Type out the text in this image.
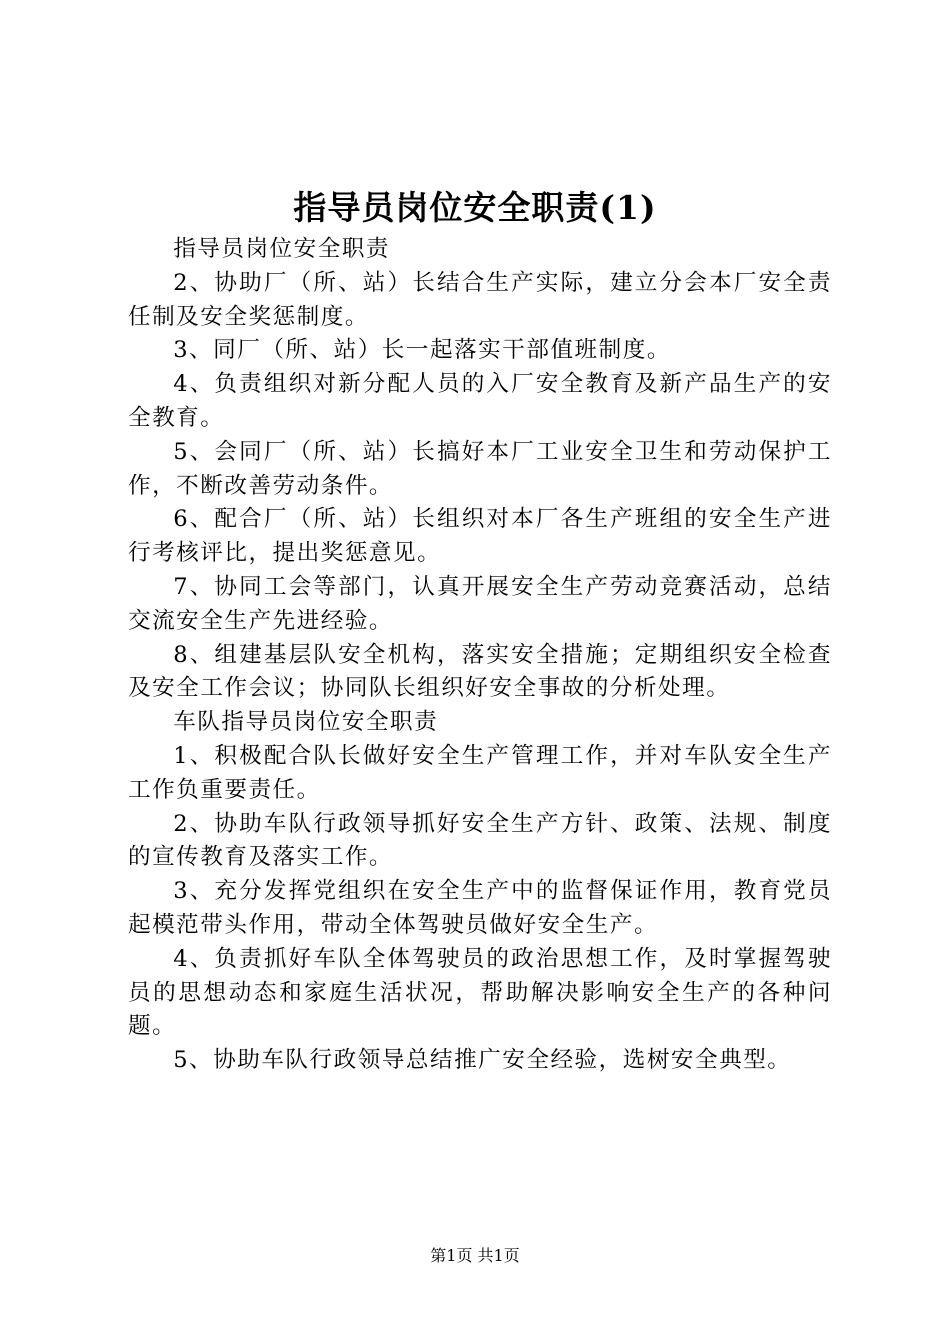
指导员岗位安全职责(1)

指导员岗位安全职责

2、协助厂（所、站）长结合生产实际，建立分会本厂安全责任制及安全奖惩制度。

3、同厂（所、站）长一起落实干部值班制度。

4、负责组织对新分配人员的入厂安全教育及新产品生产的安全教育。

5、会同厂（所、站）长搞好本厂工业安全卫生和劳动保护工作，不断改善劳动条件。

6、配合厂（所、站）长组织对本厂各生产班组的安全生产进行考核评比，提出奖惩意见。

7、协同工会等部门，认真开展安全生产劳动竞赛活动，总结交流安全生产先进经验。

8、组建基层队安全机构，落实安全措施；定期组织安全检查及安全工作会议；协同队长组织好安全事故的分析处理。

车队指导员岗位安全职责

1、积极配合队长做好安全生产管理工作，并对车队安全生产工作负重要责任。

2、协助车队行政领导抓好安全生产方针、政策、法规、制度的宣传教育及落实工作。

3、充分发挥党组织在安全生产中的监督保证作用，教育党员起模范带头作用，带动全体驾驶员做好安全生产。

4、负责抓好车队全体驾驶员的政治思想工作，及时掌握驾驶员的思想动态和家庭生活状况，帮助解决影响安全生产的各种问题。

5、协助车队行政领导总结推广安全经验，选树安全典型。

第1页 共1页
